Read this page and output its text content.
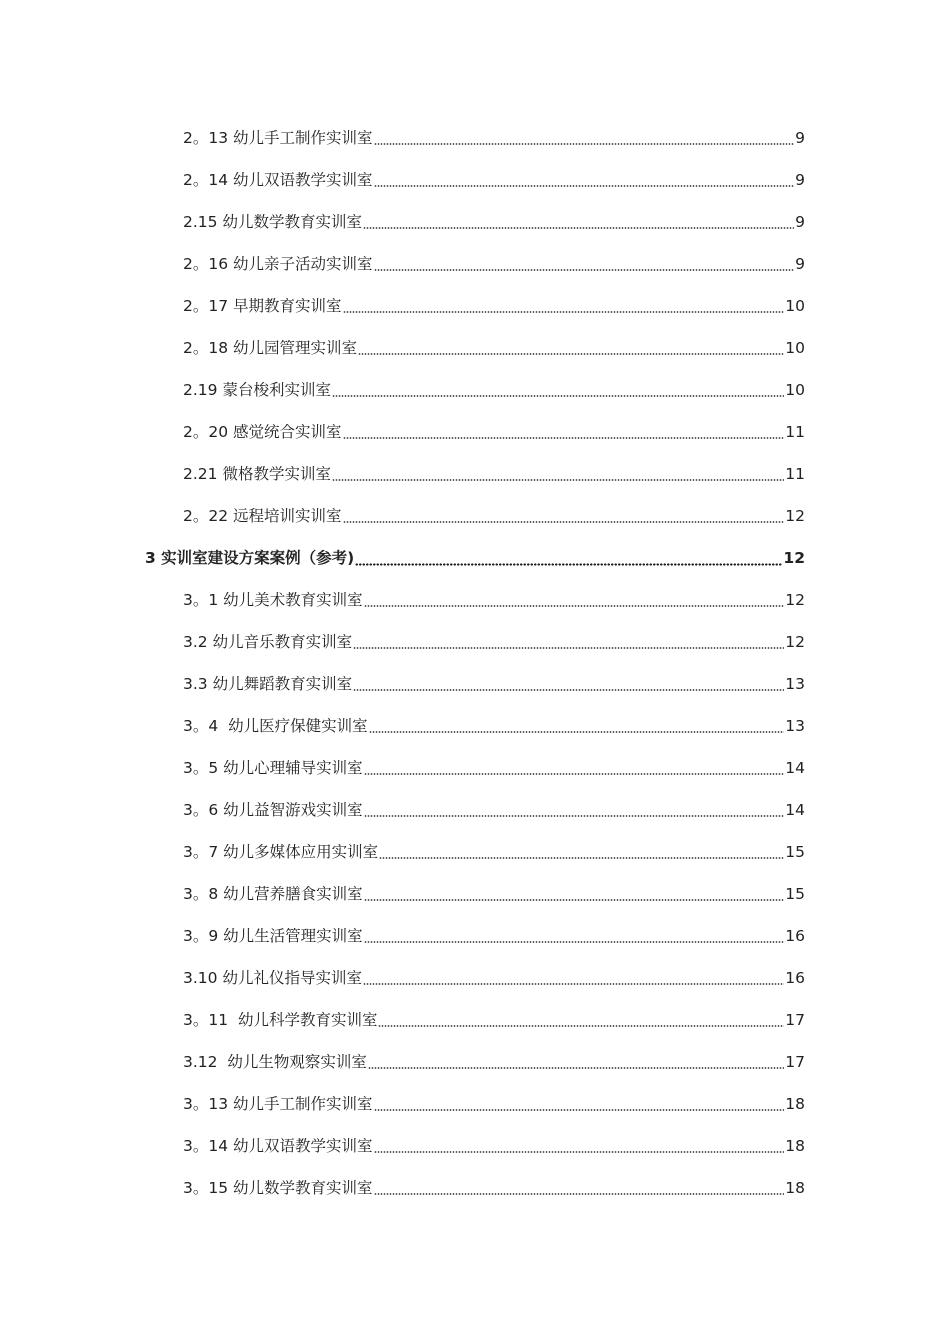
2。13 幼儿手工制作实训室	9
2。14 幼儿双语教学实训室	9
2.15 幼儿数学教育实训室	9
2。16 幼儿亲子活动实训室	9
2。17 早期教育实训室	10
2。18 幼儿园管理实训室	10
2.19 蒙台梭利实训室	10
2。20 感觉统合实训室	11
2.21 微格教学实训室	11
2。22 远程培训实训室	12
3 实训室建设方案案例（参考)	12
3。1 幼儿美术教育实训室	12
3.2 幼儿音乐教育实训室	12
3.3 幼儿舞蹈教育实训室	13
3。4  幼儿医疗保健实训室	13
3。5 幼儿心理辅导实训室	14
3。6 幼儿益智游戏实训室	14
3。7 幼儿多媒体应用实训室	15
3。8 幼儿营养膳食实训室	15
3。9 幼儿生活管理实训室	16
3.10 幼儿礼仪指导实训室	16
3。11  幼儿科学教育实训室	17
3.12  幼儿生物观察实训室	17
3。13 幼儿手工制作实训室	18
3。14 幼儿双语教学实训室	18
3。15 幼儿数学教育实训室	18
